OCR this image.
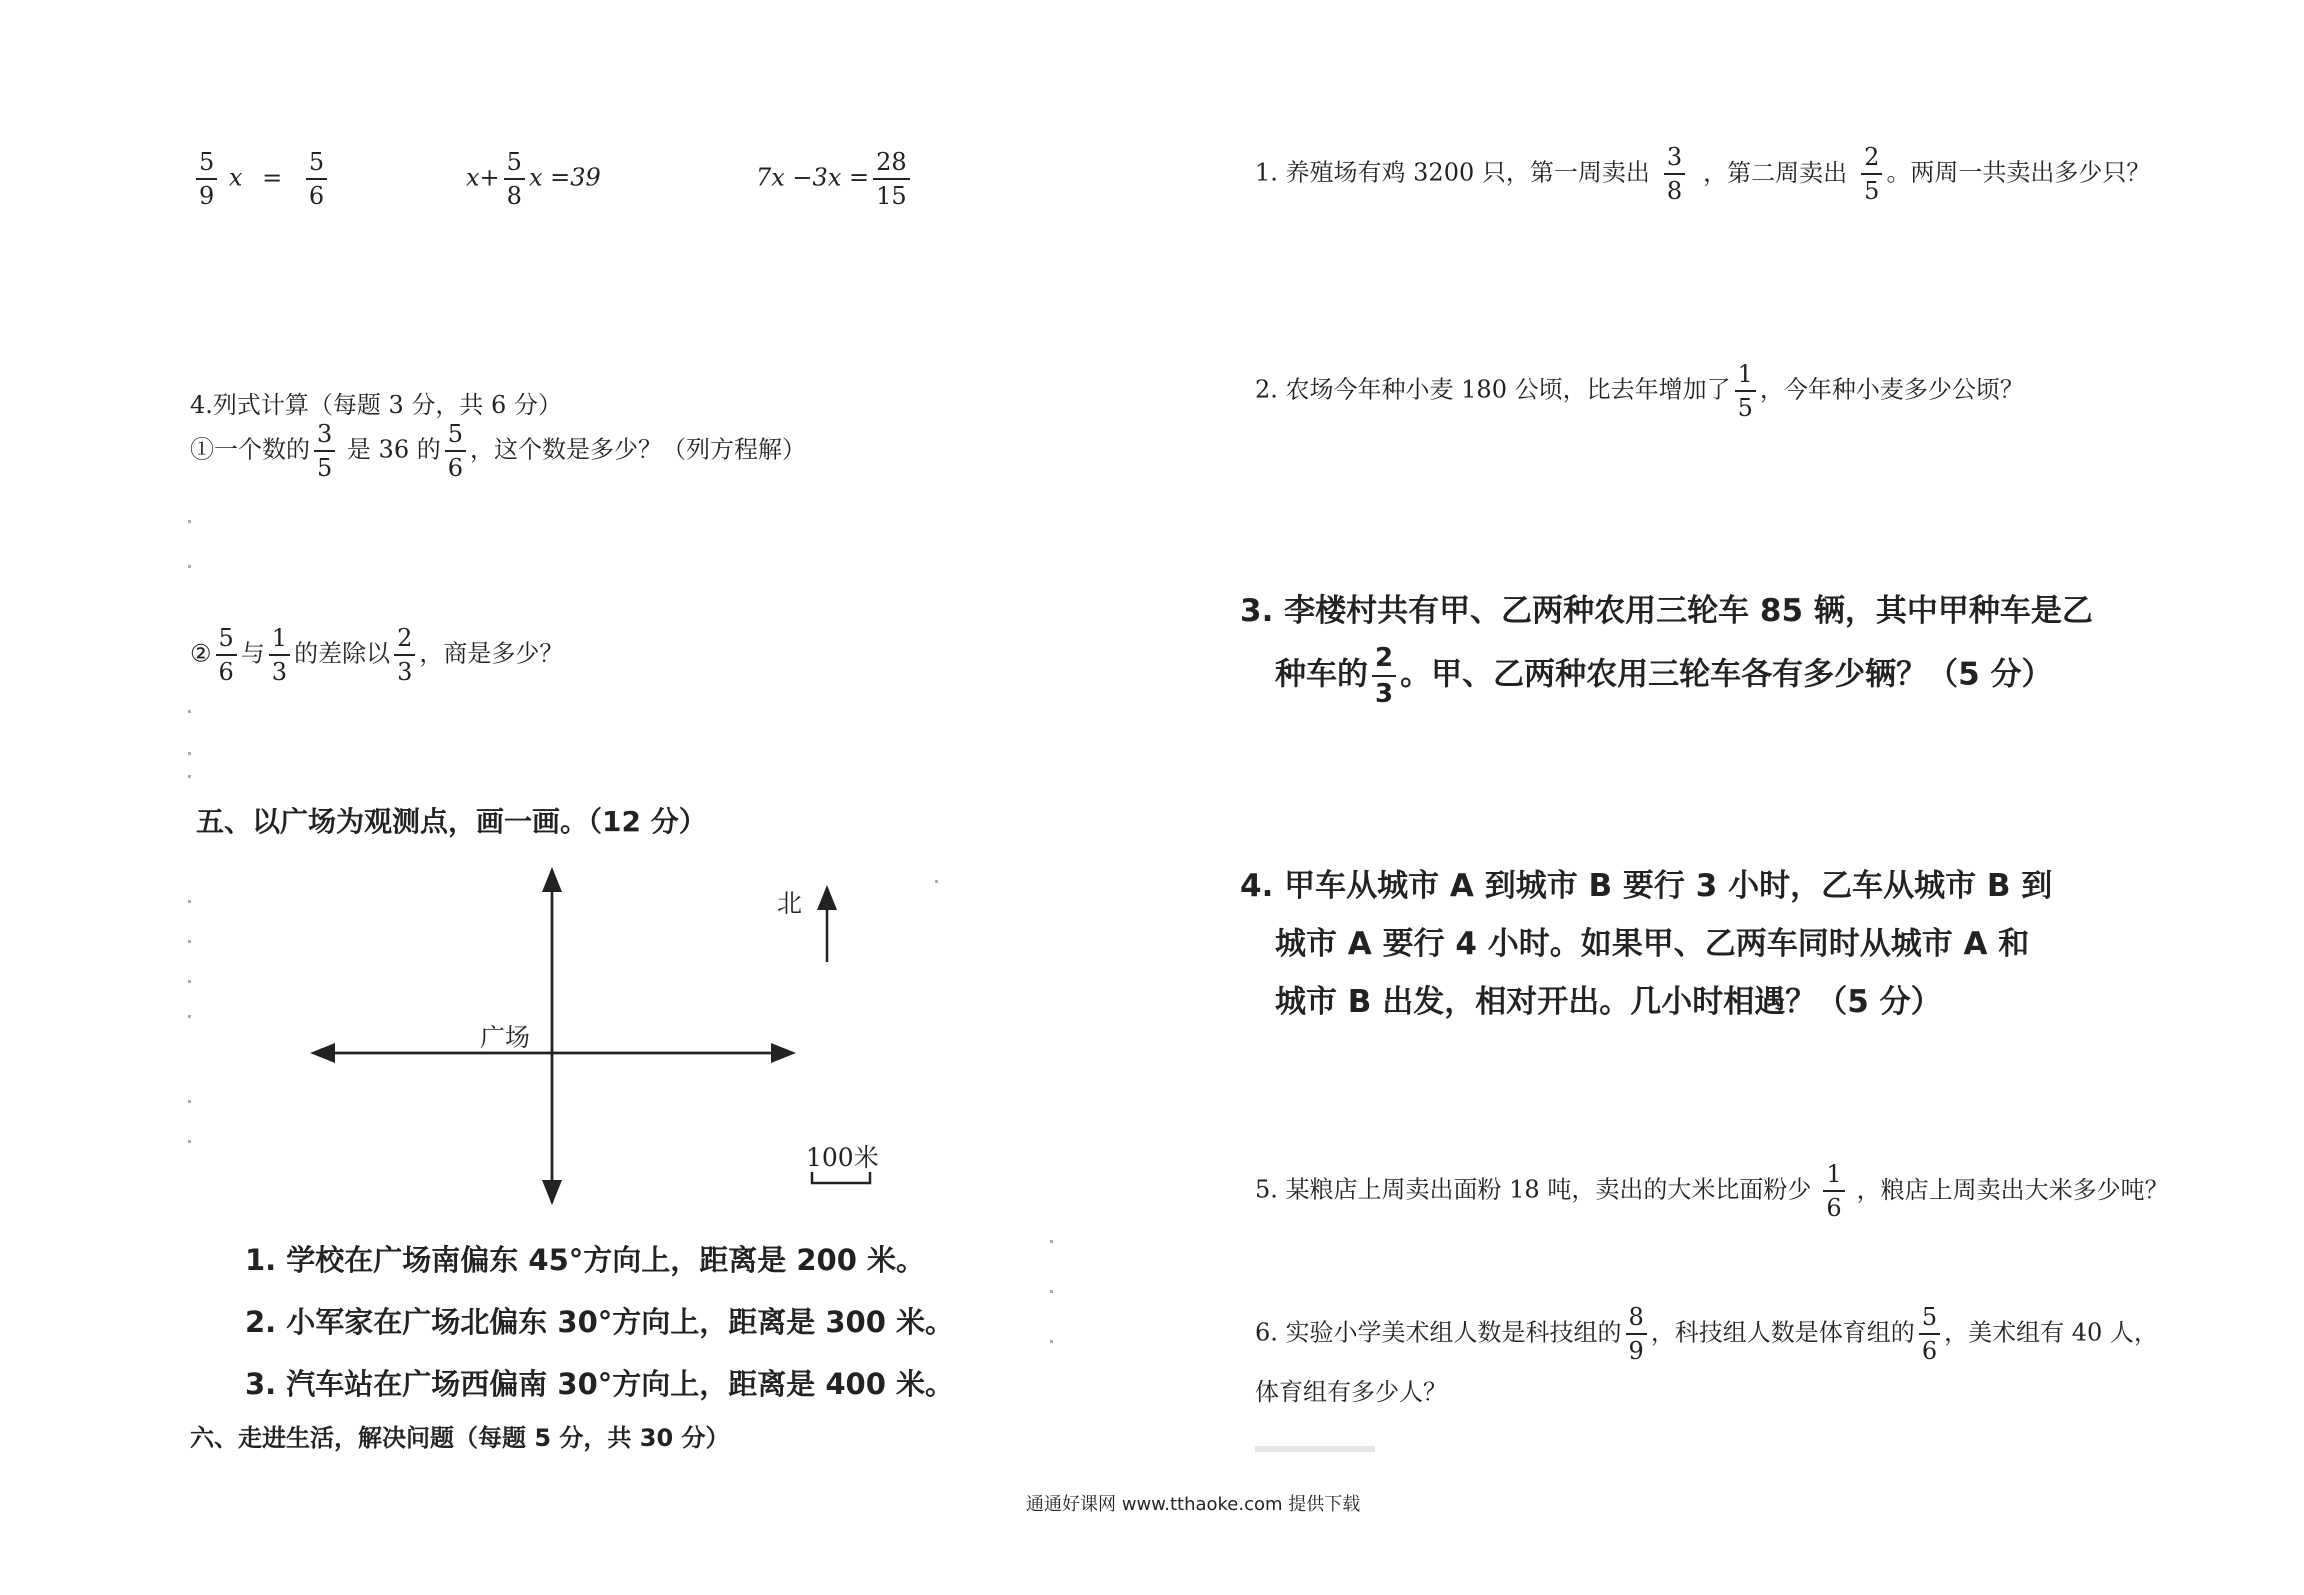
$\frac{5}{9}$ $x = \frac{5}{6}$	$x+ \frac{5}{8}$ x =39	$7x -3x = \frac{28}{15}$
4.列式计算（每题 3 分，共 6 分）
①一个数的 $\frac{3}{5}$ 是 36 的 $\frac{5}{6}$ ，这个数是多少？（列方程解）
② $\frac{5}{6}$ 与 $\frac{1}{3}$ 的差除以 $\frac{2}{3}$ ，商是多少？
五、以广场为观测点，画一画。（12 分）
北
广场
100米
1. 学校在广场南偏东 45°方向上，距离是 200 米。
2. 小军家在广场北偏东 30°方向上，距离是 300 米。
3. 汽车站在广场西偏南 30°方向上，距离是 400 米。
六、走进生活，解决问题（每题 5 分，共 30 分）
1. 养殖场有鸡 3200 只，第一周卖出 $\frac{3}{8}$ ，第二周卖出 $\frac{2}{5}$ 。两周一共卖出多少只？
2. 农场今年种小麦 180 公顷，比去年增加了 $\frac{1}{5}$ ，今年种小麦多少公顷？
3. 李楼村共有甲、乙两种农用三轮车 85 辆，其中甲种车是乙
种车的 $\frac{2}{3}$ 。甲、乙两种农用三轮车各有多少辆？（5 分）
4. 甲车从城市 A 到城市 B 要行 3 小时，乙车从城市 B 到
城市 A 要行 4 小时。如果甲、乙两车同时从城市 A 和
城市 B 出发，相对开出。几小时相遇？（5 分）
5. 某粮店上周卖出面粉 18 吨，卖出的大米比面粉少 $\frac{1}{6}$ ，粮店上周卖出大米多少吨？
6. 实验小学美术组人数是科技组的 $\frac{8}{9}$ ，科技组人数是体育组的 $\frac{5}{6}$ ，美术组有 40 人，
体育组有多少人？
通通好课网 www.tthaoke.com 提供下载
